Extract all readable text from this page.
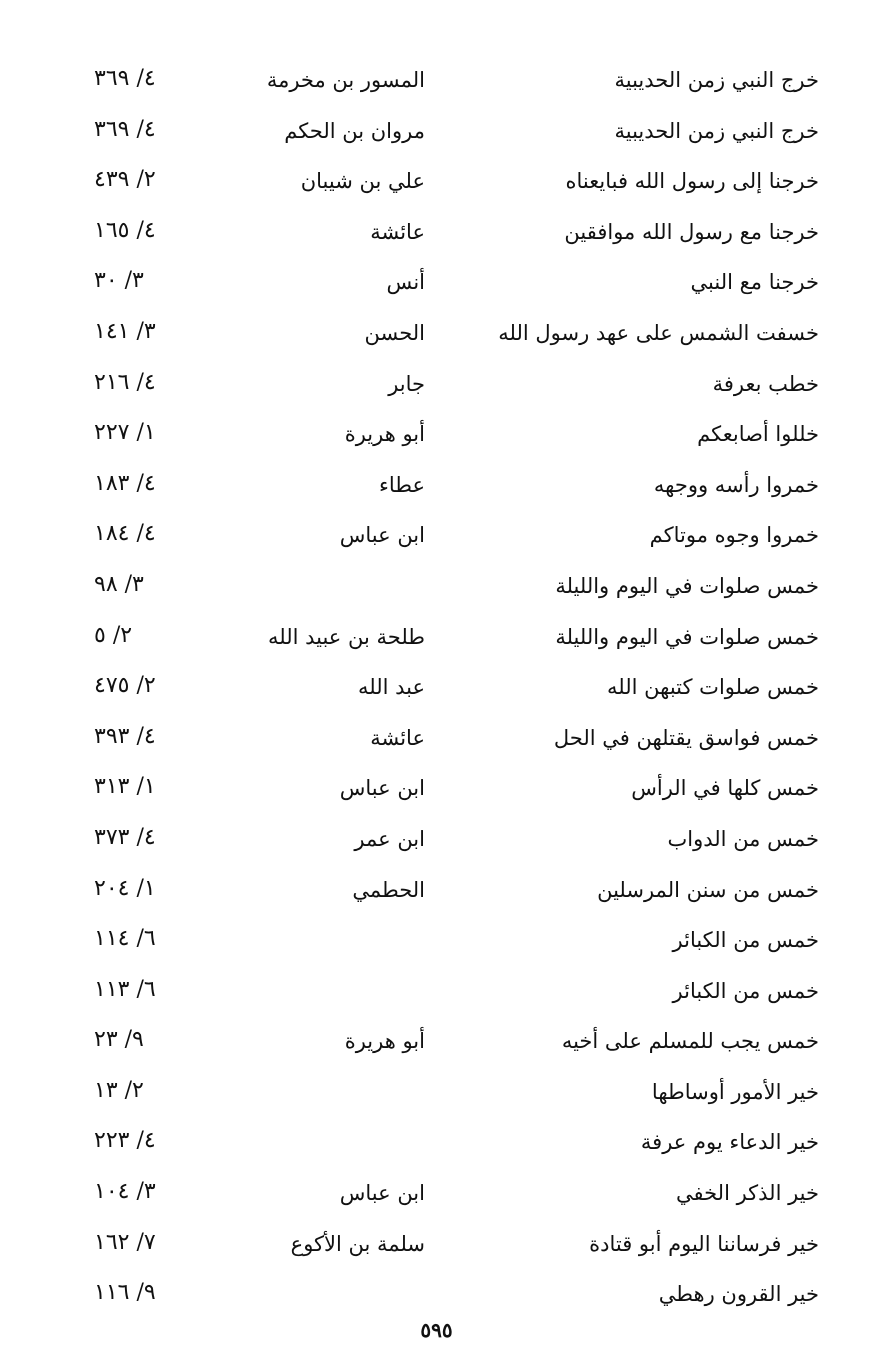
خرج النبي زمن الحديبية
المسور بن مخرمة
٤/ ٣٦٩
خرج النبي زمن الحديبية
مروان بن الحكم
٤/ ٣٦٩
خرجنا إلى رسول الله فبايعناه
علي بن شيبان
٢/ ٤٣٩
خرجنا مع رسول الله موافقين
عائشة
٤/ ١٦٥
خرجنا مع النبي
أنس
٣/ ٣٠
خسفت الشمس على عهد رسول الله
الحسن
٣/ ١٤١
خطب بعرفة
جابر
٤/ ٢١٦
خللوا أصابعكم
أبو هريرة
١/ ٢٢٧
خمروا رأسه ووجهه
عطاء
٤/ ١٨٣
خمروا وجوه موتاكم
ابن عباس
٤/ ١٨٤
خمس صلوات في اليوم والليلة
٣/ ٩٨
خمس صلوات في اليوم والليلة
طلحة بن عبيد الله
٢/ ٥
خمس صلوات كتبهن الله
عبد الله
٢/ ٤٧٥
خمس فواسق يقتلهن في الحل
عائشة
٤/ ٣٩٣
خمس كلها في الرأس
ابن عباس
١/ ٣١٣
خمس من الدواب
ابن عمر
٤/ ٣٧٣
خمس من سنن المرسلين
الحطمي
١/ ٢٠٤
خمس من الكبائر
٦/ ١١٤
خمس من الكبائر
٦/ ١١٣
خمس يجب للمسلم على أخيه
أبو هريرة
٩/ ٢٣
خير الأمور أوساطها
٢/ ١٣
خير الدعاء يوم عرفة
٤/ ٢٢٣
خير الذكر الخفي
ابن عباس
٣/ ١٠٤
خير فرساننا اليوم أبو قتادة
سلمة بن الأكوع
٧/ ١٦٢
خير القرون رهطي
٩/ ١١٦
٥٩٥
